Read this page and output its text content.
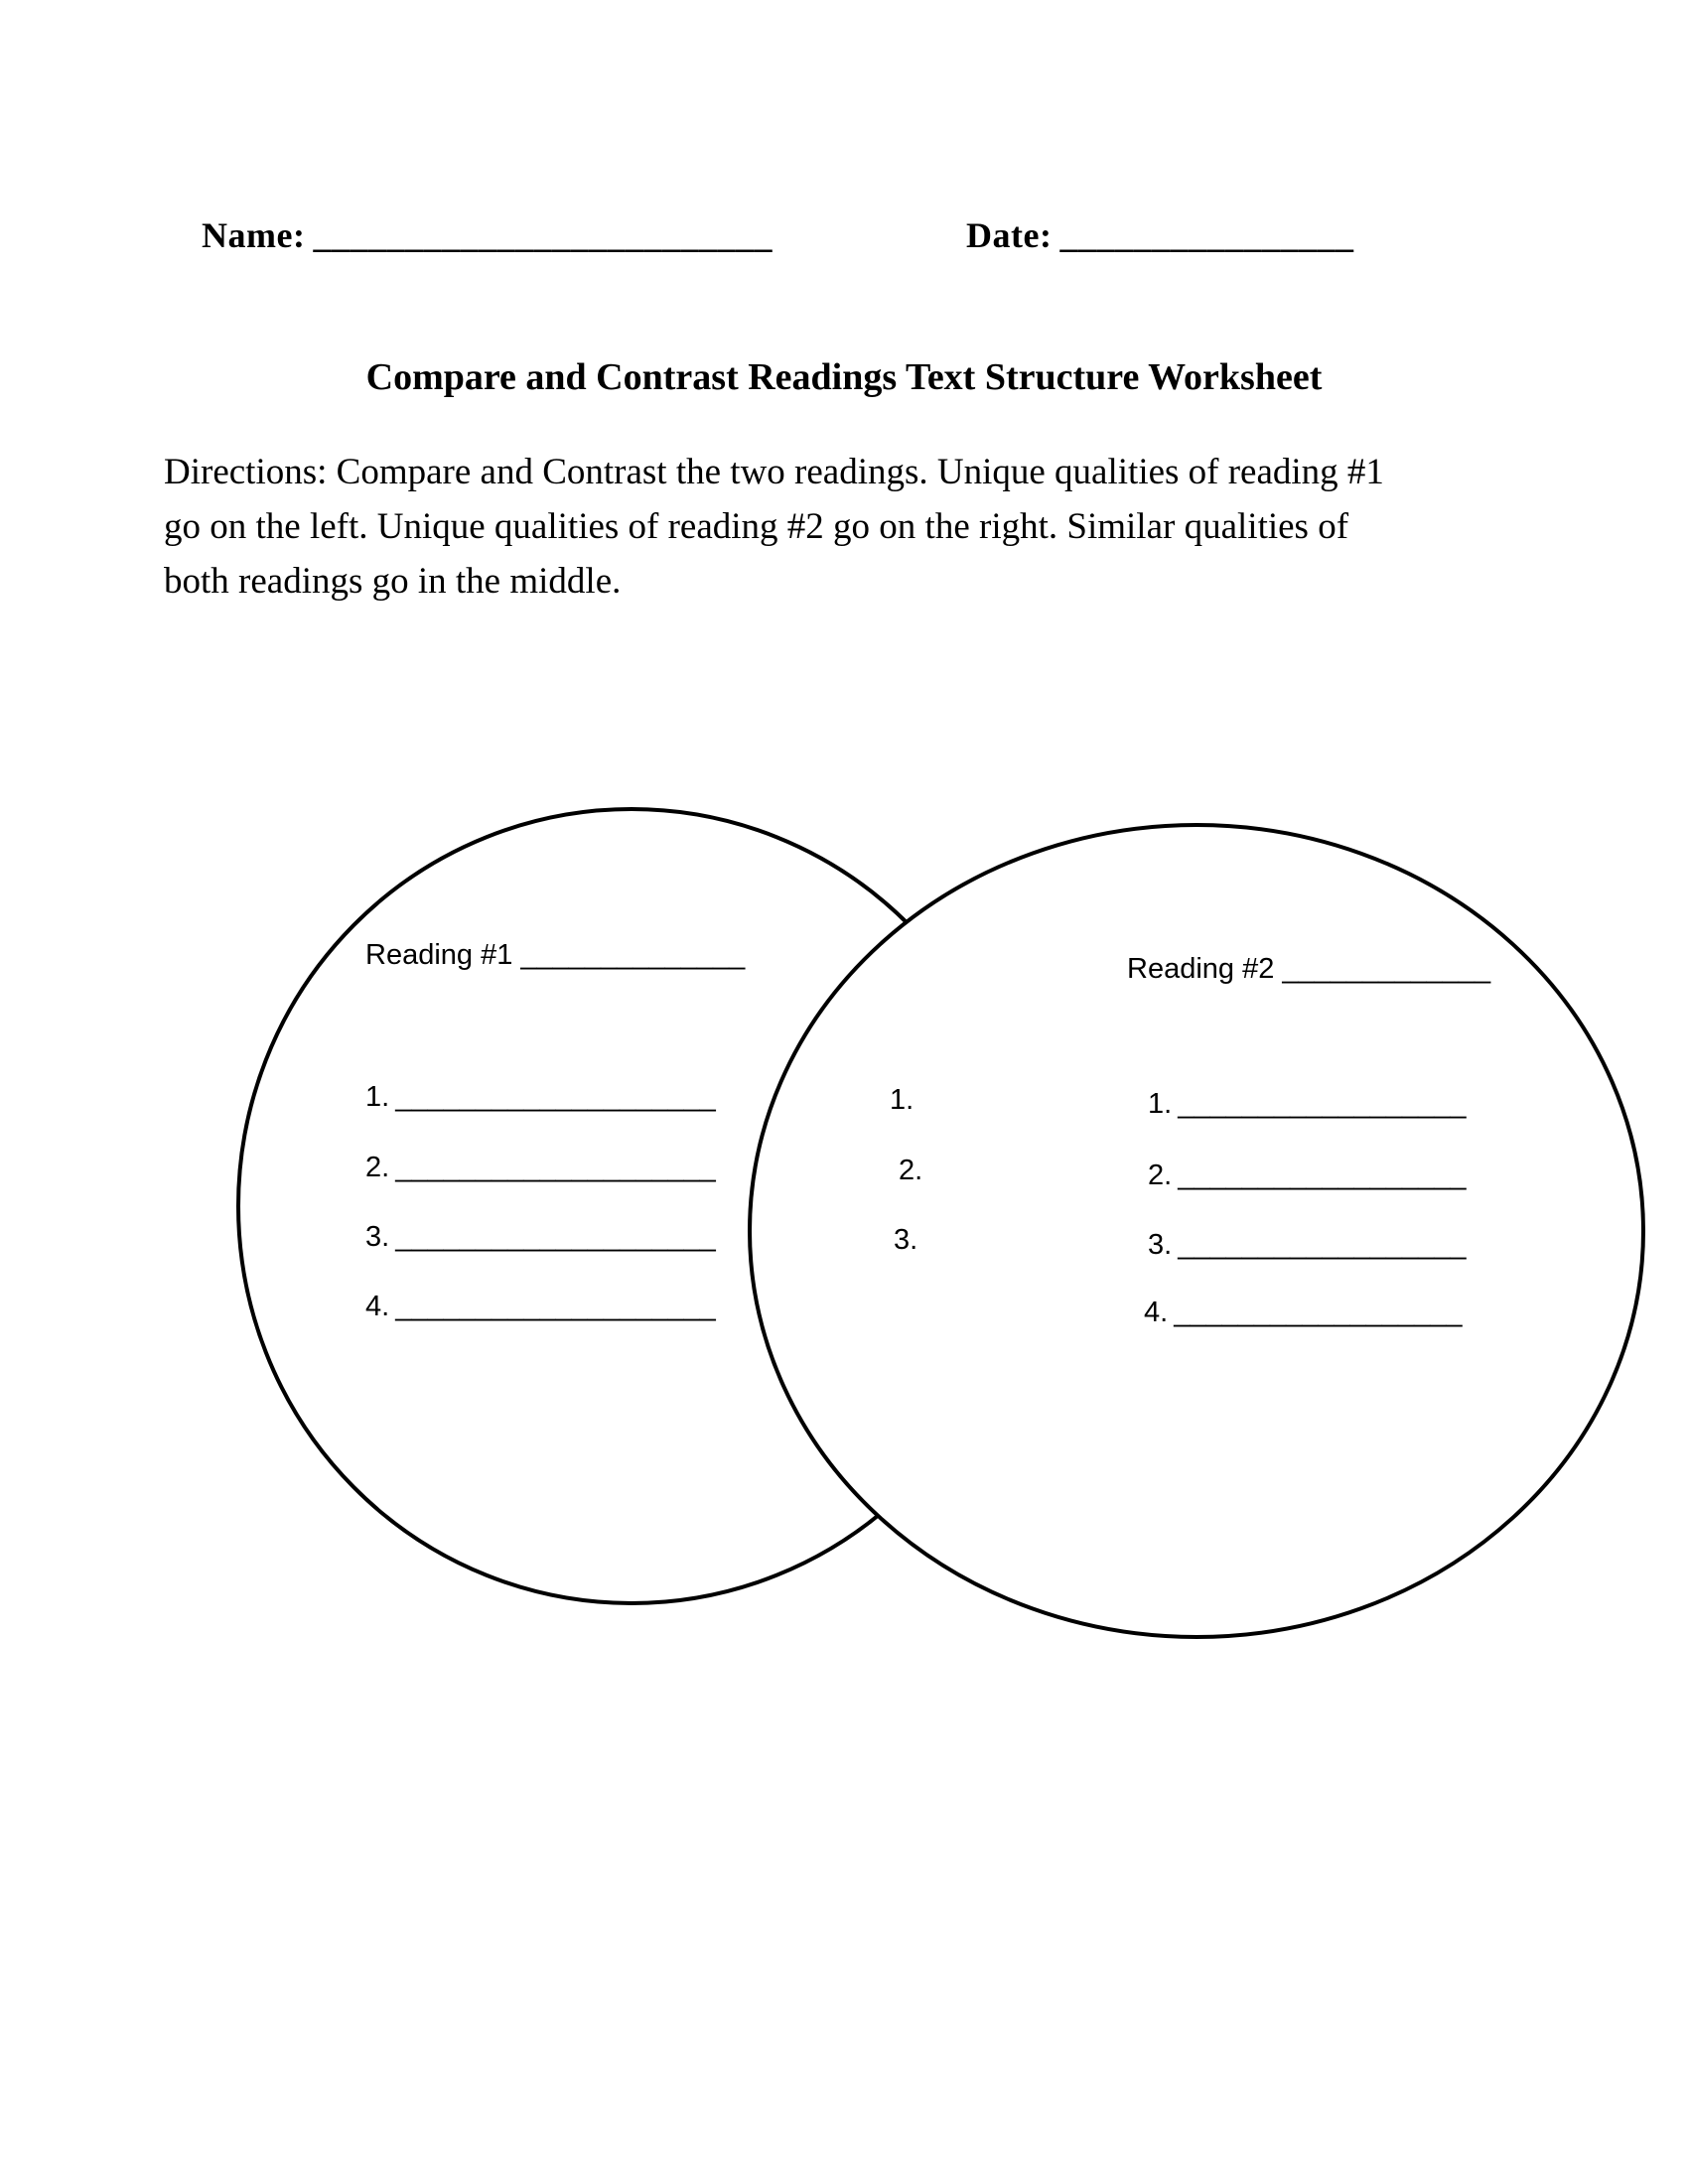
Name: _________________________	Date: ________________
Compare and Contrast Readings Text Structure Worksheet
Directions: Compare and Contrast the two readings. Unique qualities of reading #1
go on the left. Unique qualities of reading #2 go on the right. Similar qualities of
both readings go in the middle.
Reading #1 ______________	Reading #2 _____________
1. ____________________
2. ____________________
3. ____________________
4. ____________________
1.
2.
3.
1. __________________
2. __________________
3. __________________
4. __________________
